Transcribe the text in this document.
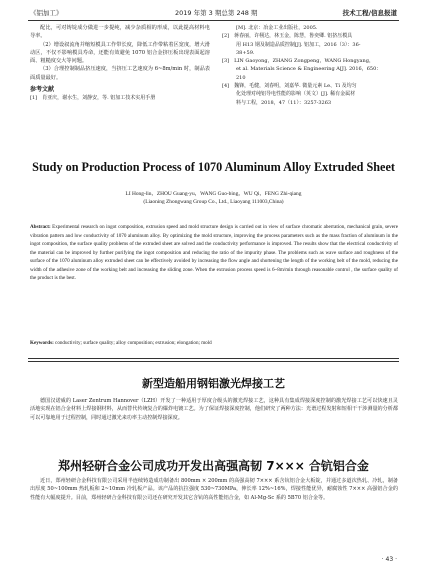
《铝加工》	2019 年第 3 期总第 248 期	技术工程/信息报道
配比，可对铸锭成分做进一步提纯，减少杂质相的形成，以此提高材料电导率。
（2）增设叙流角并缩短模具工作带长度，降低工作带粘着区宽度，增大滑动区，不仅不影响模具寿命，还能有效避免 1070 铝合金挤压板出现表面起溶面、粗糙度交大等问题。
（3）合理控制制品挤压速度，当挤压工艺速度为 6~8m/min 时，制品表面质量最好。
参考文献
[1]　肖亚庆，谢水生，刘静安，等. 铝加工技术实用手册
[M]. 北京：冶金工业出版社，2005.
[2]　蒋春丽，许栩达，林玉金，陈慧，鲁奕卿. 铝挤压模具
用 H13 钢及制造品质控制[J]. 铝加工，2016（3）：36-
38+59.
[3]　LIN Gaoyong，ZHANG Zongpeng，WANG Hongyang，
et al. Materials Science & Engineering A[J]. 2016，650：
210
[4]　魏锋，毛健，刘春明，刘嘉华. 微量元素 Le、Ti 及均匀
化处理对纯铝导电性能的影响（英文）[J]. 稀有金属材
料与工程，2018，47（11）：3257-3263
Study on Production Process of 1070 Aluminum Alloy Extruded Sheet
LI Hong-lin，ZHOU Guang-yu，WANG Guo-bing，WU Qi，FENG Zhi-qiang
(Liaoning Zhongwang Group Co., Ltd., Liaoyang 111003,China)
Abstract: Experimental research on ingot composition, extrusion speed and mold structure design is carried out in view of surface chromatic aberration, mechanical grain, severe vibration pattern and low conductivity of 1070 aluminum alloy. By optimizing the mold structure, improving the process parameters such as the mass fraction of aluminum in the ingot composition, the surface quality problems of the extruded sheet are solved and the conductivity performance is improved. The results show that the electrical conductivity of the material can be improved by further purifying the ingot composition and reducing the ratio of the impurity phase. The problems such as wave surface and roughness of the surface of the 1070 aluminum alloy extruded sheet can be effectively avoided by increasing the flow angle and shortening the length of the working belt of the mold, reducing the width of the adhesive zone of the working belt and increasing the sliding zone. When the extrusion process speed is 6~8m/min through reasonable control , the surface quality of the product is the best.
Keywords: conductivity; surface quality; alloy composition; extrusion; elongation; mold
新型造船用钢铝激光焊接工艺
德国汉诺威的 Laser Zentrum Hannover（LZH）开发了一种适用于厚度合级头的激光焊接工艺，这种具有集成焊接深度控制的激光焊接工艺可以快速且灵活地实现在铝合金材料上焊接钢材料，从而替代传统复合的爆炸电镀工艺。为了保证焊接深度控制，他们研究了两种方法：光谱过程发射和短相干干涉测量的分析都可以可靠地用于过程控制，同时通过激光来功率主动控制焊接深度。
郑州轻研合金公司成功开发出高强高韧 7××× 合钪铝合金
近日，郑州轻研合金科技有限公司采用半连续铸造成功制备出 800mm × 200mm 的高强高韧 7××× 系含钪铝合金大板锭，并通过多道次热轧、冷轧，制备出厚度 50~100mm 热轧板和 2~10mm 冷轧板产品。该产品的抗拉强度 530~730MPa，伸长率 12%~16%，焊接性能优异，耐腐蚀性 7××× 高强铝合金的性能有大幅度提升。目前，郑州轻研合金科技有限公司还在研究开发其它含钪的高性能铝合金，如 Al-Mg-Sc 系的 5B70 铝合金等。
· 43 ·
